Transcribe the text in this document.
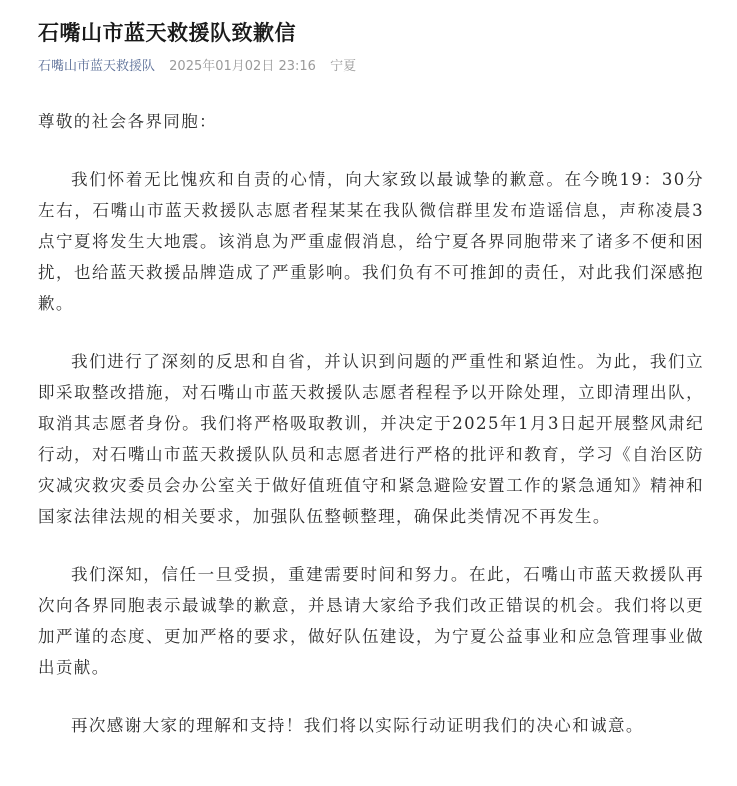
石嘴山市蓝天救援队致歉信
石嘴山市蓝天救援队 2025年01月02日 23:16 宁夏

尊敬的社会各界同胞：

我们怀着无比愧疚和自责的心情，向大家致以最诚挚的歉意。在今晚19：30分左右，石嘴山市蓝天救援队志愿者程某某在我队微信群里发布造谣信息，声称凌晨3点宁夏将发生大地震。该消息为严重虚假消息，给宁夏各界同胞带来了诸多不便和困扰，也给蓝天救援品牌造成了严重影响。我们负有不可推卸的责任，对此我们深感抱歉。

我们进行了深刻的反思和自省，并认识到问题的严重性和紧迫性。为此，我们立即采取整改措施，对石嘴山市蓝天救援队志愿者程程予以开除处理，立即清理出队，取消其志愿者身份。我们将严格吸取教训，并决定于2025年1月3日起开展整风肃纪行动，对石嘴山市蓝天救援队队员和志愿者进行严格的批评和教育，学习《自治区防灾减灾救灾委员会办公室关于做好值班值守和紧急避险安置工作的紧急通知》精神和国家法律法规的相关要求，加强队伍整顿整理，确保此类情况不再发生。

我们深知，信任一旦受损，重建需要时间和努力。在此，石嘴山市蓝天救援队再次向各界同胞表示最诚挚的歉意，并恳请大家给予我们改正错误的机会。我们将以更加严谨的态度、更加严格的要求，做好队伍建设，为宁夏公益事业和应急管理事业做出贡献。

再次感谢大家的理解和支持！我们将以实际行动证明我们的决心和诚意。
